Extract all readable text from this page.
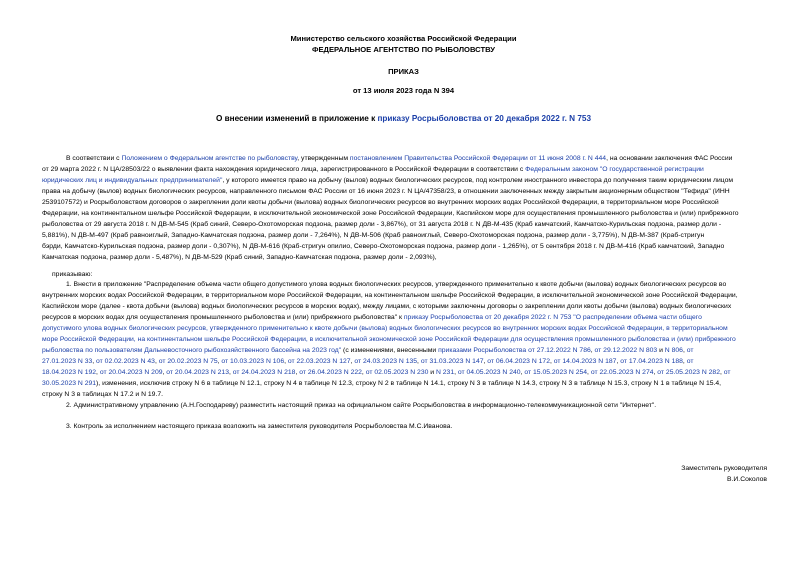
Министерство сельского хозяйства Российской Федерации
ФЕДЕРАЛЬНОЕ АГЕНТСТВО ПО РЫБОЛОВСТВУ
ПРИКАЗ
от 13 июля 2023 года N 394
О внесении изменений в приложение к приказу Росрыболовства от 20 декабря 2022 г. N 753
В соответствии с Положением о Федеральном агентстве по рыболовству, утвержденным постановлением Правительства Российской Федерации от 11 июня 2008 г. N 444, на основании заключения ФАС России
от 29 марта 2022 г. N ЦА/28503/22 о выявлении факта нахождения юридического лица, зарегистрированного в Российской Федерации в соответствии с Федеральным законом "О государственной регистрации
юридических лиц и индивидуальных предпринимателей", у которого имеется право на добычу (вылов) водных биологических ресурсов, под контролем иностранного инвестора до получения таким юридическим лицом
права на добычу (вылов) водных биологических ресурсов, направленного письмом ФАС России от 16 июня 2023 г. N ЦА/47358/23, в отношении заключенных между закрытым акционерным обществом "Тефида" (ИНН
2539107572) и Росрыболовством договоров о закреплении доли квоты добычи (вылова) водных биологических ресурсов во внутренних морских водах Российской Федерации, в территориальном море Российской
Федерации, на континентальном шельфе Российской Федерации, в исключительной экономической зоне Российской Федерации, Каспийском море для осуществления промышленного рыболовства и (или) прибрежного
рыболовства от 29 августа 2018 г. N ДВ-М-545 (Краб синий, Северо-Охотоморская подзона, размер доли - 3,867%), от 31 августа 2018 г. N ДВ-М-435 (Краб камчатский, Камчатско-Курильская подзона, размер доли -
5,881%), N ДВ-М-497 (Краб равноиглый, Западно-Камчатская подзона, размер доли - 7,264%), N ДВ-М-506 (Краб равноиглый, Северо-Охотоморская подзона, размер доли - 3,775%), N ДВ-М-387 (Краб-стригун
бэрди, Камчатско-Курильская подзона, размер доли - 0,307%), N ДВ-М-616 (Краб-стригун опилио, Северо-Охотоморская подзона, размер доли - 1,265%), от 5 сентября 2018 г. N ДВ-М-416 (Краб камчатский, Западно
Камчатская подзона, размер доли - 5,487%), N ДВ-М-529 (Краб синий, Западно-Камчатская подзона, размер доли - 2,093%),
приказываю:
1. Внести в приложение "Распределение объема части общего допустимого улова водных биологических ресурсов, утвержденного применительно к квоте добычи (вылова) водных биологических ресурсов во
внутренних морских водах Российской Федерации, в территориальном море Российской Федерации, на континентальном шельфе Российской Федерации, в исключительной экономической зоне Российской Федерации,
Каспийском море (далее - квота добычи (вылова) водных биологических ресурсов в морских водах), между лицами, с которыми заключены договоры о закреплении доли квоты добычи (вылова) водных биологических
ресурсов в морских водах для осуществления промышленного рыболовства и (или) прибрежного рыболовства" к приказу Росрыболовства от 20 декабря 2022 г. N 753 "О распределении объема части общего
допустимого улова водных биологических ресурсов, утвержденного применительно к квоте добычи (вылова) водных биологических ресурсов во внутренних морских водах Российской Федерации, в территориальном
море Российской Федерации, на континентальном шельфе Российской Федерации, в исключительной экономической зоне Российской Федерации для осуществления промышленного рыболовства и (или) прибрежного
рыболовства по пользователям Дальневосточного рыбохозяйственного бассейна на 2023 год" (с изменениями, внесенными приказами Росрыболовства от 27.12.2022 N 786, от 29.12.2022 N 803 и N 806, от
27.01.2023 N 33, от 02.02.2023 N 43, от 20.02.2023 N 75, от 10.03.2023 N 106, от 22.03.2023 N 127, от 24.03.2023 N 135, от 31.03.2023 N 147, от 06.04.2023 N 172, от 14.04.2023 N 187, от 17.04.2023 N 188, от
18.04.2023 N 192, от 20.04.2023 N 209, от 20.04.2023 N 213, от 24.04.2023 N 218, от 26.04.2023 N 222, от 02.05.2023 N 230 и N 231, от 04.05.2023 N 240, от 15.05.2023 N 254, от 22.05.2023 N 274, от 25.05.2023 N 282, от
30.05.2023 N 291), изменения, исключив строку N 6 в таблице N 12.1, строку N 4 в таблице N 12.3, строку N 2 в таблице N 14.1, строку N 3 в таблице N 14.3, строку N 3 в таблице N 15.3, строку N 1 в таблице N 15.4,
строку N 3 в таблицах N 17.2 и N 19.7.
2. Административному управлению (А.Н.Господареву) разместить настоящий приказ на официальном сайте Росрыболовства в информационно-телекоммуникационной сети "Интернет".
3. Контроль за исполнением настоящего приказа возложить на заместителя руководителя Росрыболовства М.С.Иванова.
Заместитель руководителя
В.И.Соколов
